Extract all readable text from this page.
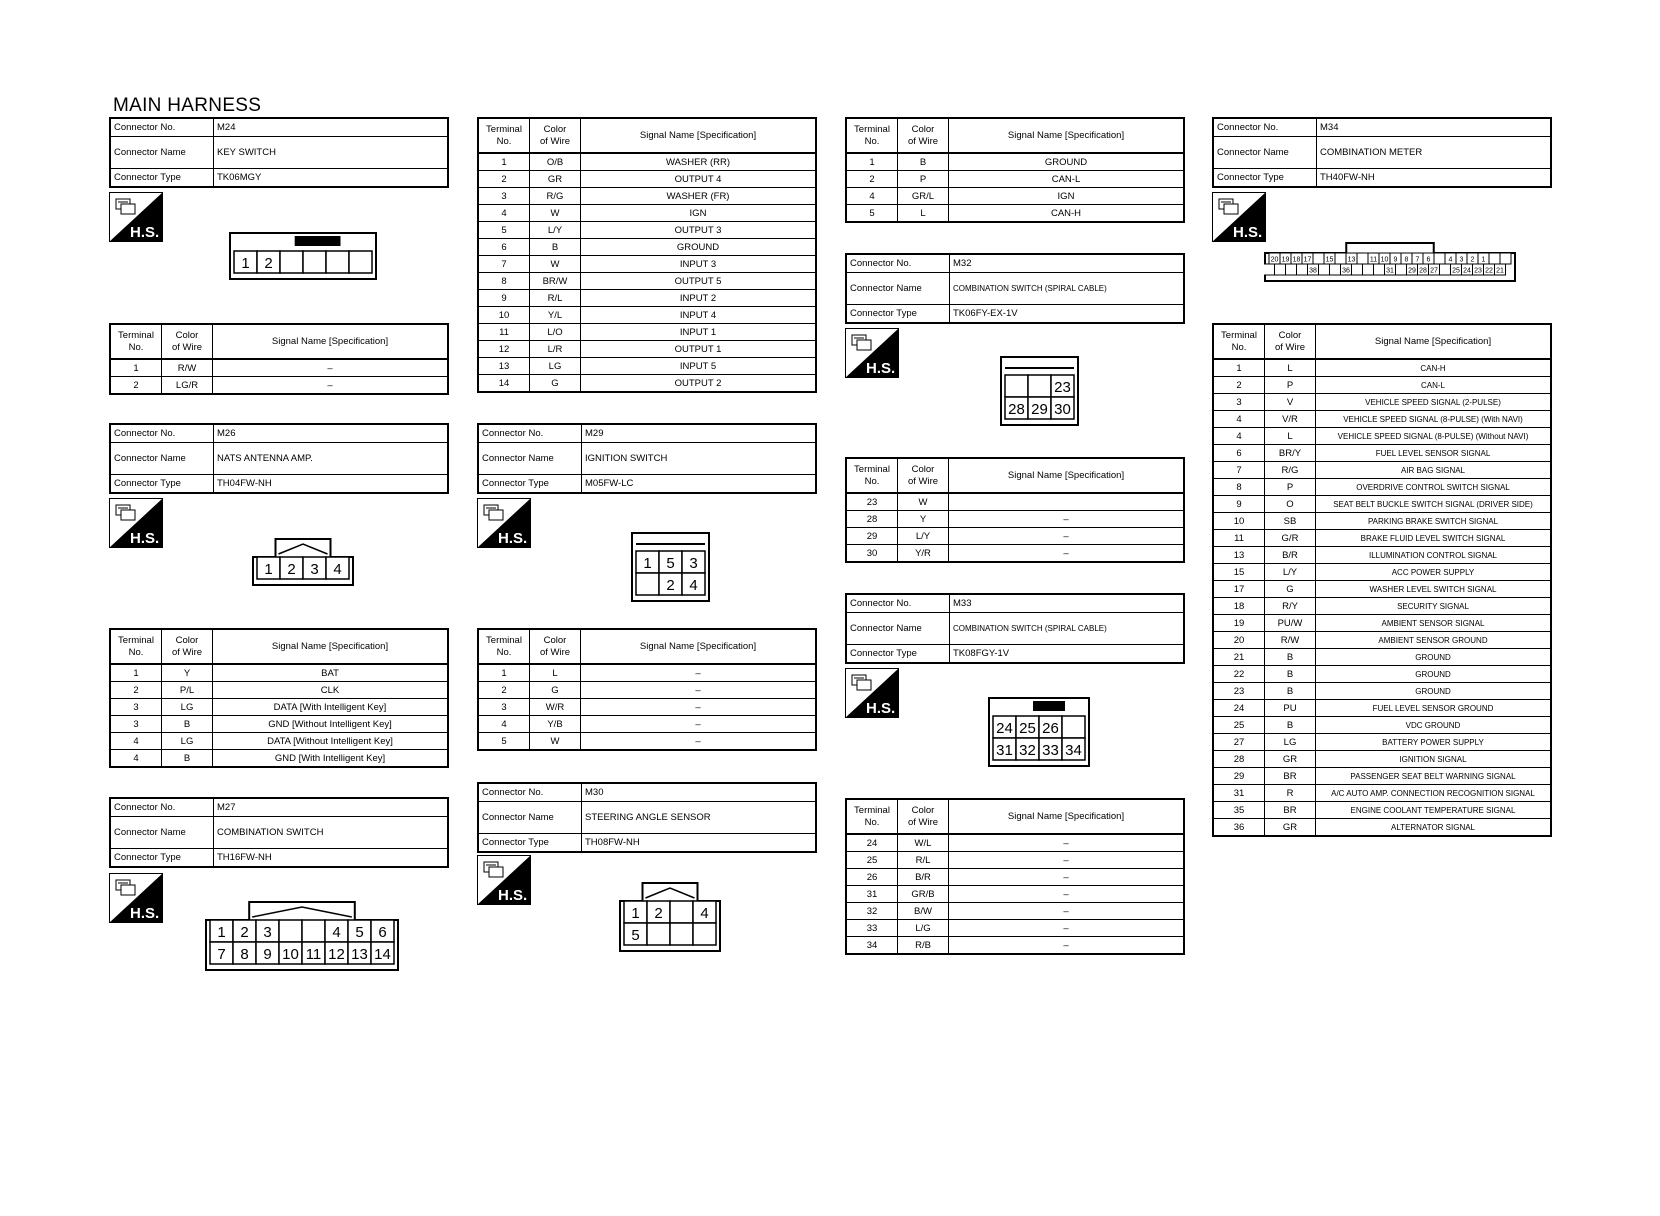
MAIN HARNESS
Connector No.	M24
Connector Name	KEY SWITCH
Connector Type	TK06MGY
H.S.
1 2
Terminal
No.	Color
of Wire	Signal Name [Specification]
1	R/W	–
2	LG/R	–
Connector No.	M26
Connector Name	NATS ANTENNA AMP.
Connector Type	TH04FW-NH
H.S.
1 2 3 4
Terminal
No.	Color
of Wire	Signal Name [Specification]
1	Y	BAT
2	P/L	CLK
3	LG	DATA [With Intelligent Key]
3	B	GND [Without Intelligent Key]
4	LG	DATA [Without Intelligent Key]
4	B	GND [With Intelligent Key]
Connector No.	M27
Connector Name	COMBINATION SWITCH
Connector Type	TH16FW-NH
H.S.
1 2 3	4 5 6
7 8 9 10 11 12 13 14
Terminal
No.	Color
of Wire	Signal Name [Specification]
1	O/B	WASHER (RR)
2	GR	OUTPUT 4
3	R/G	WASHER (FR)
4	W	IGN
5	L/Y	OUTPUT 3
6	B	GROUND
7	W	INPUT 3
8	BR/W	OUTPUT 5
9	R/L	INPUT 2
10	Y/L	INPUT 4
11	L/O	INPUT 1
12	L/R	OUTPUT 1
13	LG	INPUT 5
14	G	OUTPUT 2
Connector No.	M29
Connector Name	IGNITION SWITCH
Connector Type	M05FW-LC
H.S.
1 5 3
2 4
Terminal
No.	Color
of Wire	Signal Name [Specification]
1	L	–
2	G	–
3	W/R	–
4	Y/B	–
5	W	–
Connector No.	M30
Connector Name	STEERING ANGLE SENSOR
Connector Type	TH08FW-NH
H.S.
1 2	4
5
Terminal
No.	Color
of Wire	Signal Name [Specification]
1	B	GROUND
2	P	CAN-L
4	GR/L	IGN
5	L	CAN-H
Connector No.	M32
Connector Name	COMBINATION SWITCH (SPIRAL CABLE)
Connector Type	TK06FY-EX-1V
H.S.
23
28 29 30
Terminal
No.	Color
of Wire	Signal Name [Specification]
23	W	
28	Y	–
29	L/Y	–
30	Y/R	–
Connector No.	M33
Connector Name	COMBINATION SWITCH (SPIRAL CABLE)
Connector Type	TK08FGY-1V
H.S.
24 25 26
31 32 33 34
Terminal
No.	Color
of Wire	Signal Name [Specification]
24	W/L	–
25	R/L	–
26	B/R	–
31	GR/B	–
32	B/W	–
33	L/G	–
34	R/B	–
Connector No.	M34
Connector Name	COMBINATION METER
Connector Type	TH40FW-NH
H.S.
20 19 18 17 15 13 11 10 9 8 7 6	4 3 2 1
38	36	31 29 28 27 25 24 23 22 21
Terminal
No.	Color
of Wire	Signal Name [Specification]
1	L	CAN-H
2	P	CAN-L
3	V	VEHICLE SPEED SIGNAL (2-PULSE)
4	V/R	VEHICLE SPEED SIGNAL (8-PULSE) (With NAVI)
4	L	VEHICLE SPEED SIGNAL (8-PULSE) (Without NAVI)
6	BR/Y	FUEL LEVEL SENSOR SIGNAL
7	R/G	AIR BAG SIGNAL
8	P	OVERDRIVE CONTROL SWITCH SIGNAL
9	O	SEAT BELT BUCKLE SWITCH SIGNAL (DRIVER SIDE)
10	SB	PARKING BRAKE SWITCH SIGNAL
11	G/R	BRAKE FLUID LEVEL SWITCH SIGNAL
13	B/R	ILLUMINATION CONTROL SIGNAL
15	L/Y	ACC POWER SUPPLY
17	G	WASHER LEVEL SWITCH SIGNAL
18	R/Y	SECURITY SIGNAL
19	PU/W	AMBIENT SENSOR SIGNAL
20	R/W	AMBIENT SENSOR GROUND
21	B	GROUND
22	B	GROUND
23	B	GROUND
24	PU	FUEL LEVEL SENSOR GROUND
25	B	VDC GROUND
27	LG	BATTERY POWER SUPPLY
28	GR	IGNITION SIGNAL
29	BR	PASSENGER SEAT BELT WARNING SIGNAL
31	R	A/C AUTO AMP. CONNECTION RECOGNITION SIGNAL
35	BR	ENGINE COOLANT TEMPERATURE SIGNAL
36	GR	ALTERNATOR SIGNAL
